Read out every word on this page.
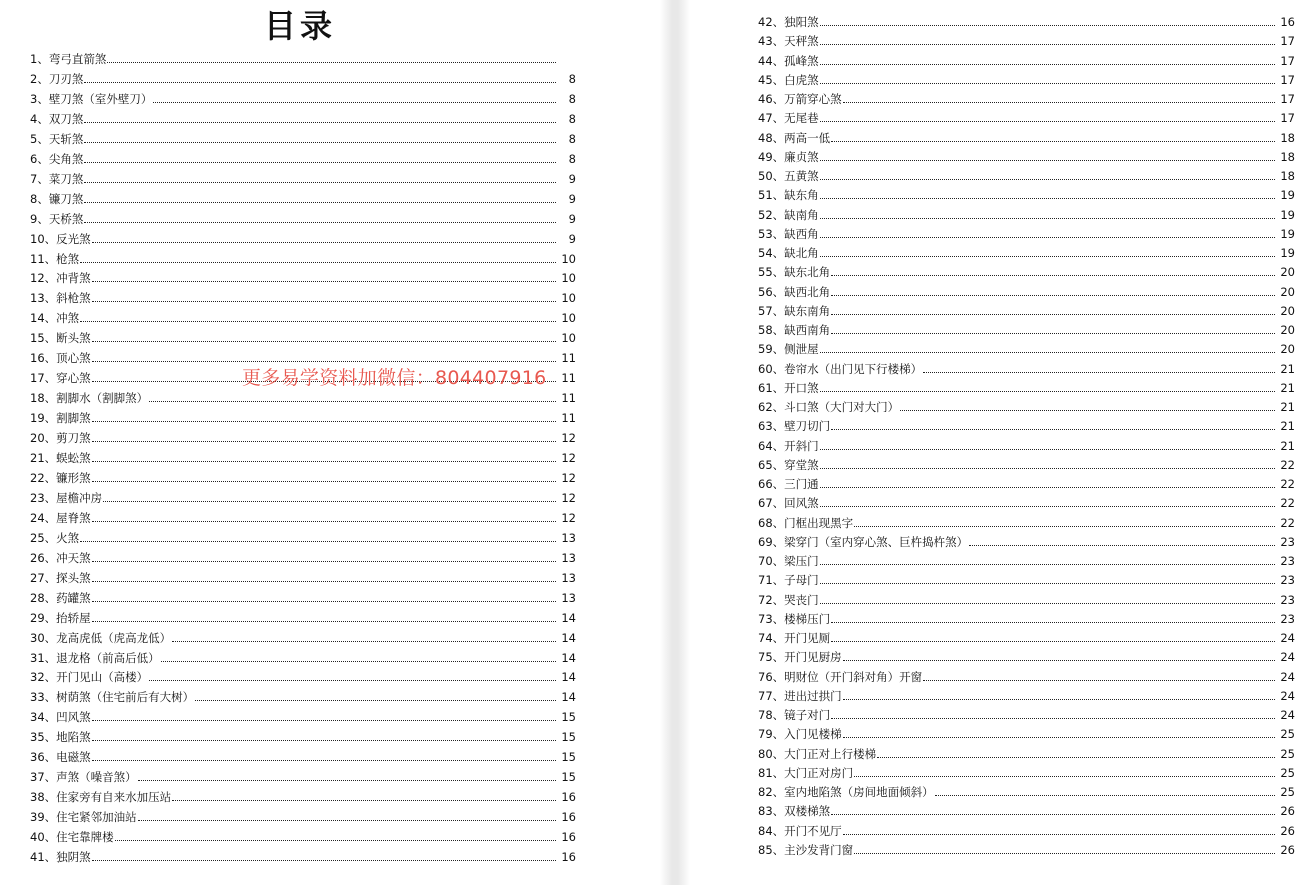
目录
1、弯弓直箭煞
2、刀刃煞	8
3、壁刀煞（室外壁刀）	8
4、双刀煞	8
5、天斩煞	8
6、尖角煞	8
7、菜刀煞	9
8、镰刀煞	9
9、天桥煞	9
10、反光煞	9
11、枪煞	10
12、冲背煞	10
13、斜枪煞	10
14、冲煞	10
15、断头煞	10
16、顶心煞	11
17、穿心煞	11
18、割脚水（割脚煞）	11
19、割脚煞	11
20、剪刀煞	12
21、蜈蚣煞	12
22、镰形煞	12
23、屋檐冲房	12
24、屋脊煞	12
25、火煞	13
26、冲天煞	13
27、探头煞	13
28、药罐煞	13
29、抬轿屋	14
30、龙高虎低（虎高龙低）	14
31、退龙格（前高后低）	14
32、开门见山（高楼）	14
33、树荫煞（住宅前后有大树）	14
34、凹风煞	15
35、地陷煞	15
36、电磁煞	15
37、声煞（噪音煞）	15
38、住家旁有自来水加压站	16
39、住宅紧邻加油站	16
40、住宅靠牌楼	16
41、独阴煞	16
42、独阳煞	16
43、天秤煞	17
44、孤峰煞	17
45、白虎煞	17
46、万箭穿心煞	17
47、无尾巷	17
48、两高一低	18
49、廉贞煞	18
50、五黄煞	18
51、缺东角	19
52、缺南角	19
53、缺西角	19
54、缺北角	19
55、缺东北角	20
56、缺西北角	20
57、缺东南角	20
58、缺西南角	20
59、侧泄屋	20
60、卷帘水（出门见下行楼梯）	21
61、开口煞	21
62、斗口煞（大门对大门）	21
63、壁刀切门	21
64、开斜门	21
65、穿堂煞	22
66、三门通	22
67、回风煞	22
68、门框出现黑字	22
69、梁穿门（室内穿心煞、巨杵捣杵煞）	23
70、梁压门	23
71、子母门	23
72、哭丧门	23
73、楼梯压门	23
74、开门见厕	24
75、开门见厨房	24
76、明财位（开门斜对角）开窗	24
77、进出过拱门	24
78、镜子对门	24
79、入门见楼梯	25
80、大门正对上行楼梯	25
81、大门正对房门	25
82、室内地陷煞（房间地面倾斜）	25
83、双楼梯煞	26
84、开门不见厅	26
85、主沙发背门窗	26
更多易学资料加微信：804407916
